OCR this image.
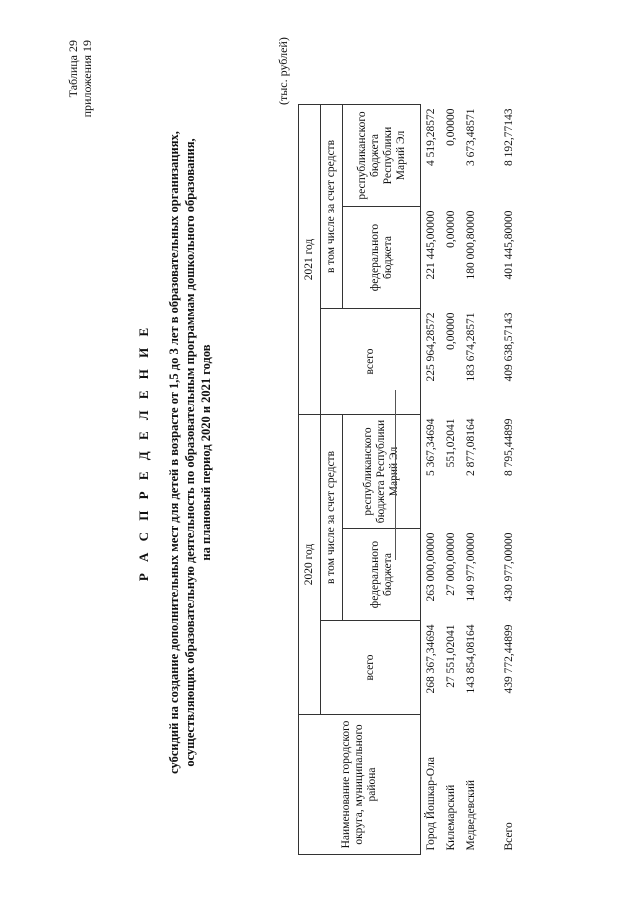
Таблица 29 приложения 19
Р А С П Р Е Д Е Л Е Н И Е субсидий на создание дополнительных мест для детей в возрасте от 1,5 до 3 лет в образовательных организациях, осуществляющих образовательную деятельность по образовательным программам дошкольного образования, на плановый период 2020 и 2021 годов
(тыс. рублей)
Наименование городского округа, муниципального района	2020 год			2021 год		
	всего	в том числе за счет средств		всего	в том числе за счет средств	
		федерального бюджета	республиканского бюджета Республики Марий Эл		федерального бюджета	республиканского бюджета Республики Марий Эл
Город Йошкар-Ола	268 367,34694	263 000,00000	5 367,34694	225 964,28572	221 445,00000	4 519,28572
Килемарский	27 551,02041	27 000,00000	551,02041	0,00000	0,00000	0,00000
Медведевский	143 854,08164	140 977,00000	2 877,08164	183 674,28571	180 000,80000	3 673,48571
Всего	439 772,44899	430 977,00000	8 795,44899	409 638,57143	401 445,80000	8 192,77143
